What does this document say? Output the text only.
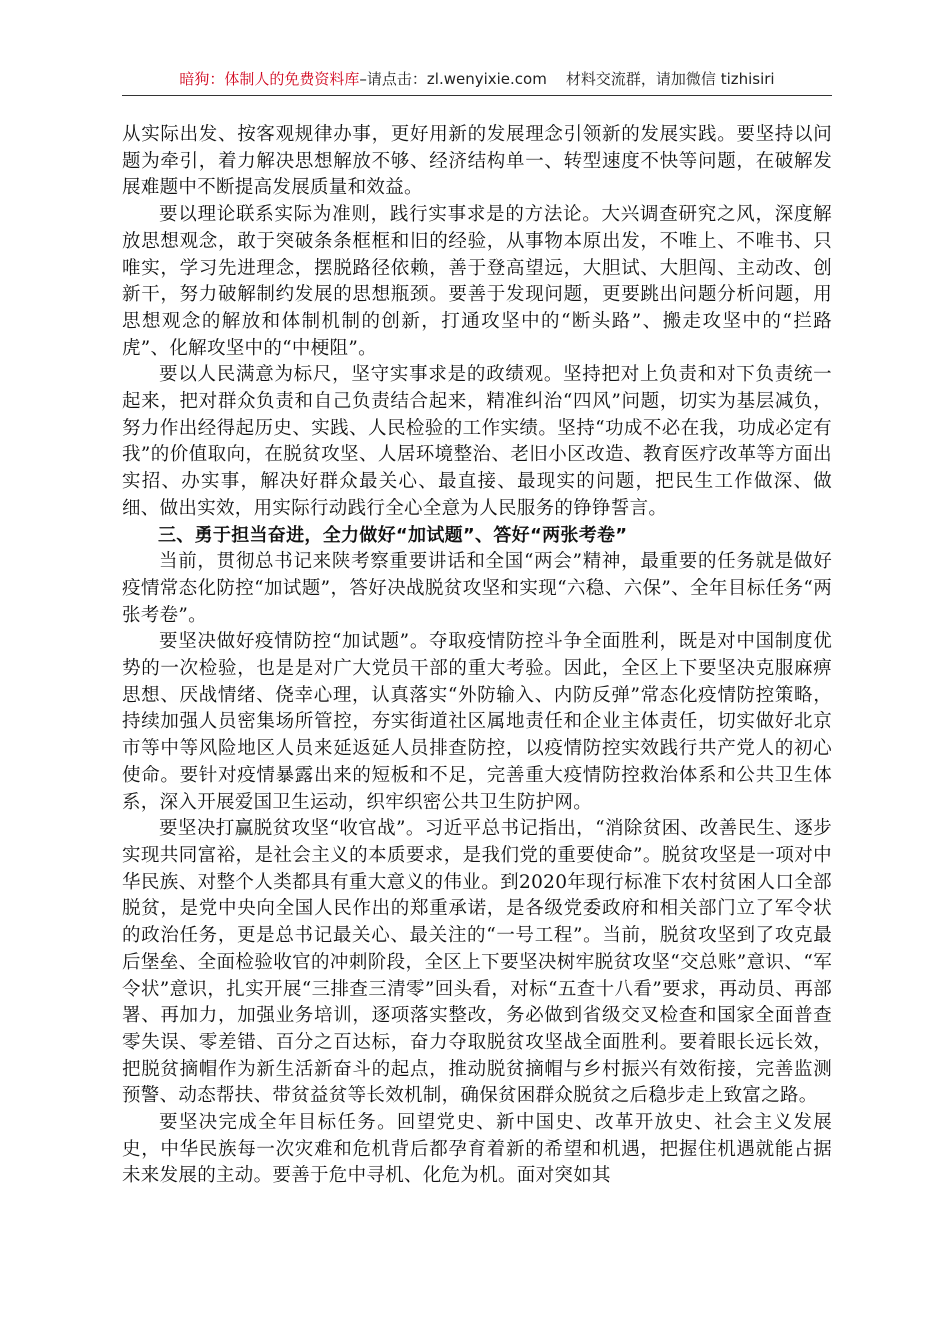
暗狗：体制人的免费资料库–请点击：zl.wenyixie.com 材料交流群，请加微信 tizhisiri

从实际出发、按客观规律办事，更好用新的发展理念引领新的发展实践。要坚持以问题为牵引，着力解决思想解放不够、经济结构单一、转型速度不快等问题，在破解发展难题中不断提高发展质量和效益。

要以理论联系实际为准则，践行实事求是的方法论。大兴调查研究之风，深度解放思想观念，敢于突破条条框框和旧的经验，从事物本原出发，不唯上、不唯书、只唯实，学习先进理念，摆脱路径依赖，善于登高望远，大胆试、大胆闯、主动改、创新干，努力破解制约发展的思想瓶颈。要善于发现问题，更要跳出问题分析问题，用思想观念的解放和体制机制的创新，打通攻坚中的“断头路”、搬走攻坚中的“拦路虎”、化解攻坚中的“中梗阻”。

要以人民满意为标尺，坚守实事求是的政绩观。坚持把对上负责和对下负责统一起来，把对群众负责和自己负责结合起来，精准纠治“四风”问题，切实为基层减负，努力作出经得起历史、实践、人民检验的工作实绩。坚持“功成不必在我，功成必定有我”的价值取向，在脱贫攻坚、人居环境整治、老旧小区改造、教育医疗改革等方面出实招、办实事，解决好群众最关心、最直接、最现实的问题，把民生工作做深、做细、做出实效，用实际行动践行全心全意为人民服务的铮铮誓言。

三、勇于担当奋进，全力做好“加试题”、答好“两张考卷”

当前，贯彻总书记来陕考察重要讲话和全国“两会”精神，最重要的任务就是做好疫情常态化防控“加试题”，答好决战脱贫攻坚和实现“六稳、六保”、全年目标任务“两张考卷”。

要坚决做好疫情防控“加试题”。夺取疫情防控斗争全面胜利，既是对中国制度优势的一次检验，也是是对广大党员干部的重大考验。因此，全区上下要坚决克服麻痹思想、厌战情绪、侥幸心理，认真落实“外防输入、内防反弹”常态化疫情防控策略，持续加强人员密集场所管控，夯实街道社区属地责任和企业主体责任，切实做好北京市等中等风险地区人员来延返延人员排查防控，以疫情防控实效践行共产党人的初心使命。要针对疫情暴露出来的短板和不足，完善重大疫情防控救治体系和公共卫生体系，深入开展爱国卫生运动，织牢织密公共卫生防护网。

要坚决打赢脱贫攻坚“收官战”。习近平总书记指出，“消除贫困、改善民生、逐步实现共同富裕，是社会主义的本质要求，是我们党的重要使命”。脱贫攻坚是一项对中华民族、对整个人类都具有重大意义的伟业。到2020年现行标准下农村贫困人口全部脱贫，是党中央向全国人民作出的郑重承诺，是各级党委政府和相关部门立了军令状的政治任务，更是总书记最关心、最关注的“一号工程”。当前，脱贫攻坚到了攻克最后堡垒、全面检验收官的冲刺阶段，全区上下要坚决树牢脱贫攻坚“交总账”意识、“军令状”意识，扎实开展“三排查三清零”回头看，对标“五查十八看”要求，再动员、再部署、再加力，加强业务培训，逐项落实整改，务必做到省级交叉检查和国家全面普查零失误、零差错、百分之百达标，奋力夺取脱贫攻坚战全面胜利。要着眼长远长效，把脱贫摘帽作为新生活新奋斗的起点，推动脱贫摘帽与乡村振兴有效衔接，完善监测预警、动态帮扶、带贫益贫等长效机制，确保贫困群众脱贫之后稳步走上致富之路。

要坚决完成全年目标任务。回望党史、新中国史、改革开放史、社会主义发展史，中华民族每一次灾难和危机背后都孕育着新的希望和机遇，把握住机遇就能占据未来发展的主动。要善于危中寻机、化危为机。面对突如其
